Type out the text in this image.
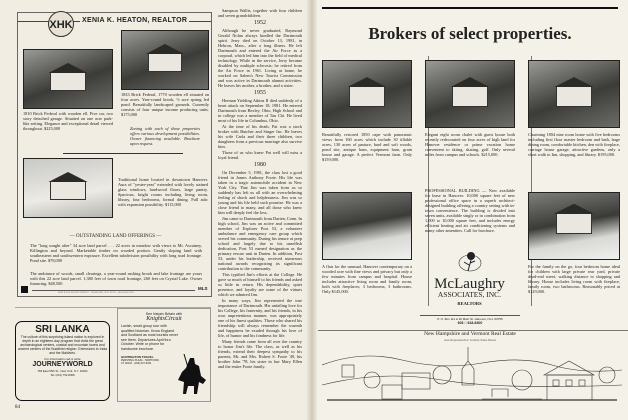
XHK XENIA K. HEATON, REALTOR
1810 Brick Federal with wooden ell. Five car, two story detached garage. Situated on one acre park-like setting. Elegance and exceptional detail viewed throughout. $225,000
1833 Brick Federal, 1770 wooden ell situated on four acres. Year-round brook, ½ acre spring fed pond. Beautifully landscaped grounds. Currently consists of four unique income producing units. $175,000
Zoning with each of these properties offers various development possibilities. Owner financing available. Brochure upon request.
Traditional home located in downtown Hanover. Aura of "yester-year" extended with lovely stained glass windows, hardwood floors, large pantry. Spacious, bright rooms including living room, library, four bedrooms, formal dining. Full attic with expansion possibility. $115,000
— OUTSTANDING LAND OFFERINGS —
The "long sought after" 34 acre land parcel . . . 22 acres in meadow with views to Mt. Ascutney, Killington and beyond. Marketable timber on wooded portion. Gently sloping land with southeastern and southwestern exposure. Excellent subdivision possibility with long road frontage. Pond site. $78,000
The ambiance of woods, small clearings, a year-round rushing brook and lake frontage are yours with this 22 acre land parcel. 1,380 feet of town road frontage, 260 feet on Crystal Lake. Owner financing. $48,500
ONE EAST SOUTH STREET · HANOVER, N.H. 03755 · (603) 643-3250
MLS

Sampson Wallis, together with four children and seven grandchildren.

1952

Although he never graduated, Raymond Gerald Nolan always kindled the Dartmouth spirit. Jerry died on October 13, 1981, in Hebron, Mass., after a long illness. He left Dartmouth and entered the Air Force as a corporal, which led him into the field of medical technology. While in the service, Jerry became disabled by multiple sclerosis; he retired from the Air Force in 1961. Living at home, he worked on Salem's New Tourist Commission and was active in Dartmouth alumni activities. He leaves his mother, a brother, and a sister.

1955

Herman Yielding Atkins II died suddenly of a heart attack on September 18, 1981. He entered Dartmouth from Bexley, Ohio, High School and in college was a member of Tau Chi. He lived most of his life in Columbus, Ohio.

At the time of his death, Pat was a stock broker with Butcher and Singer Inc. He leaves his wife Carla and their three children, two daughters from a previous marriage also survive him.

Those of us who knew Pat well will miss a loyal friend.

1980

On December 5, 1981, the class lost a good friend in James Anthony Foote. His life was taken in a tragic automobile accident in New York City. That Jim was taken from us so suddenly has left us all with an overwhelming feeling of shock and helplessness. Jim was so young and his life held such promise. He was a close friend to many, and all those who knew him will deeply feel the loss.

Jim came to Dartmouth from Darien, Conn. In high school, Jim was an active and committed member of Explorer Post 53, a volunteer ambulance and emergency care group which served his community. During his tenure at prep school and largely due to his unselfish dedication, Post 53 earned designation as the primary rescue unit in Darien. In addition, Post 53, under his leadership, received numerous national awards recognizing its significant contribution to the community.

This typified Jim's efforts at the College. He gave so much of himself to his friends and asked so little in return. His dependability, quiet presence, and loyalty are some of the virtues which we admired Jim.

In many ways, Jim represented the true importance of Dartmouth. His unfailing love for his College, his fraternity, and his friends, in his own unpretentious manner, was appropriately one of his finest qualities. Those who shared his friendship will always remember the warmth and happiness he exuded through his love of life, of humor and his fondness for life.

Many friends came from all over the country to honor Jim's life. The class, as well as his friends, extend their deepest sympathy to his parents, Mr. and Mrs. Robert S. Foote '49, his brother John '78, his sister in law Mary Ellen and the entire Foote family.

SRI LANKA
The culture of this surprising island nation is explored in depth in an eighteen-day program that visits the great archaeological centers, coastal and mountain towns and ancient centers of the Buddhist religion. Extensions to India and the Maldives.
For information call or write
JOURNEYWORLD
155 East 55th St., New York, N.Y. 10022
Tel: (212) 752-8308
See historic Britain with
KnightsCircuit
Lavish, small-group tour with qualified historian. Know England and Scotland as most tourists never see them. Departures April thru October. Write or phone for handsome brochure.
HUNTINGTON TRAVEL
PERSHING PLAZA · HARTFORD, CT 06103 · (203) 527-6331
84
Brokers of select properties.
Beautifully restored 1850 cape with panoramic views from 160 acres which include 30 tillable acres, 130 acres of pasture, hard and soft woods, pond site, antique barn, equipment barn, grain house and garage. A perfect Vermont farm. Only $159,000.
Elegant eight room chalet with guest house both recently redecorated on four acres of high land for Hanover residence or prime vacation home convenient to skiing, skating, golf. Only several miles from campus and schools. $215,000.
Charming 1804 nine room home with five bedrooms including first floor master bedroom and bath, large dining room, comfortable kitchen, den with fireplace, carriage house garage, attractive gardens, only a short walk to Inn, shopping, and library. $195,000.
A flair for the unusual, Hanover contemporary on a wooded acre with fine views and privacy but only a few minutes from campus and hospital. House includes attractive living room and family room, both with fireplaces; 3 bedrooms; 3 bathrooms. Only $145,000.
PROFESSIONAL BUILDING — Now available for lease in Hanover. 10,000 square feet of new professional office space in a superb architect-designed building offering a country setting with in-town convenience. The building is divided into seven units, available singly or in combination from 1,000 to 10,000 square feet, and includes energy efficient heating and air conditioning systems and many other amenities. Call for brochure.
For the family on the go, four bedroom home ideal for children with large private rear yard, private dead-end street, walking distance to shopping and library. House includes living room with fireplace, family room, two bathrooms. Reasonably priced at $129,000.
McLaughry
ASSOCIATES, INC.
REALTORS
P. O. Box 111 ● 30 Main St. Hanover, N.H. 03755
603 □ 643-6400
New Hampshire and Vermont Real Estate
Area Representative: Sotheby Parke Bernet
